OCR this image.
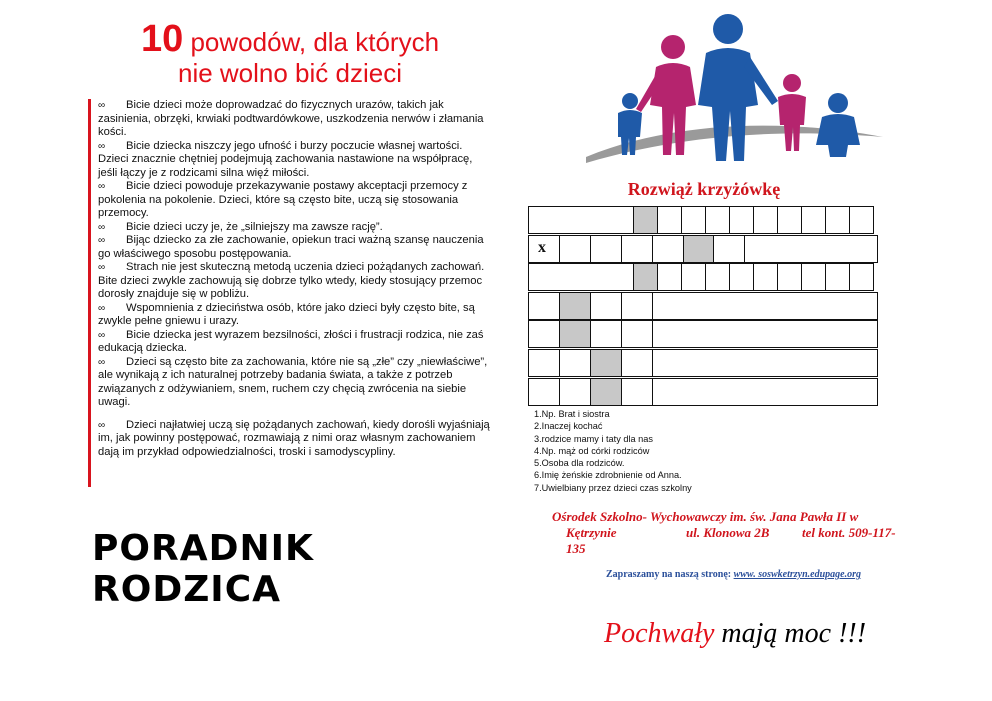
10 powodów, dla których
nie wolno bić dzieci
∞ Bicie dzieci może doprowadzać do fizycznych urazów, takich jak zasinienia, obrzęki, krwiaki podtwardówkowe, uszkodzenia nerwów i złamania kości.
∞ Bicie dziecka niszczy jego ufność i burzy poczucie własnej wartości. Dzieci znacznie chętniej podejmują zachowania nastawione na współpracę, jeśli łączy je z rodzicami silna więź miłości.
∞ Bicie dzieci powoduje przekazywanie postawy akceptacji przemocy z pokolenia na pokolenie. Dzieci, które są często bite, uczą się stosowania przemocy.
∞ Bicie dzieci uczy je, że „silniejszy ma zawsze rację”.
∞ Bijąc dziecko za złe zachowanie, opiekun traci ważną szansę nauczenia go właściwego sposobu postępowania.
∞ Strach nie jest skuteczną metodą uczenia dzieci pożądanych zachowań. Bite dzieci zwykle zachowują się dobrze tylko wtedy, kiedy stosujący przemoc dorosły znajduje się w pobliżu.
∞ Wspomnienia z dzieciństwa osób, które jako dzieci były często bite, są zwykle pełne gniewu i urazy.
∞ Bicie dziecka jest wyrazem bezsilności, złości i frustracji rodzica, nie zaś edukacją dziecka.
∞ Dzieci są często bite za zachowania, które nie są „złe” czy „niewłaściwe”, ale wynikają z ich naturalnej potrzeby badania świata, a także z potrzeb związanych z odżywianiem, snem, ruchem czy chęcią zwrócenia na siebie uwagi.
∞ Dzieci najłatwiej uczą się pożądanych zachowań, kiedy dorośli wyjaśniają im, jak powinny postępować, rozmawiają z nimi oraz własnym zachowaniem dają im przykład odpowiedzialności, troski i samodyscypliny.
PORADNIK RODZICA
Rozwiąż krzyżówkę
x
1.Np. Brat i siostra
2.Inaczej kochać
3.rodzice mamy i taty dla nas
4.Np. mąż od córki rodziców
5.Osoba dla rodziców.
6.Imię żeńskie zdrobnienie od Anna.
7.Uwielbiany przez dzieci czas szkolny
Ośrodek Szkolno- Wychowawczy im. św. Jana Pawła II w
Kętrzynie	ul. Klonowa 2B	tel kont. 509-117-
135
Zapraszamy na naszą stronę: www. soswketrzyn.edupage.org
Pochwały mają moc !!!
